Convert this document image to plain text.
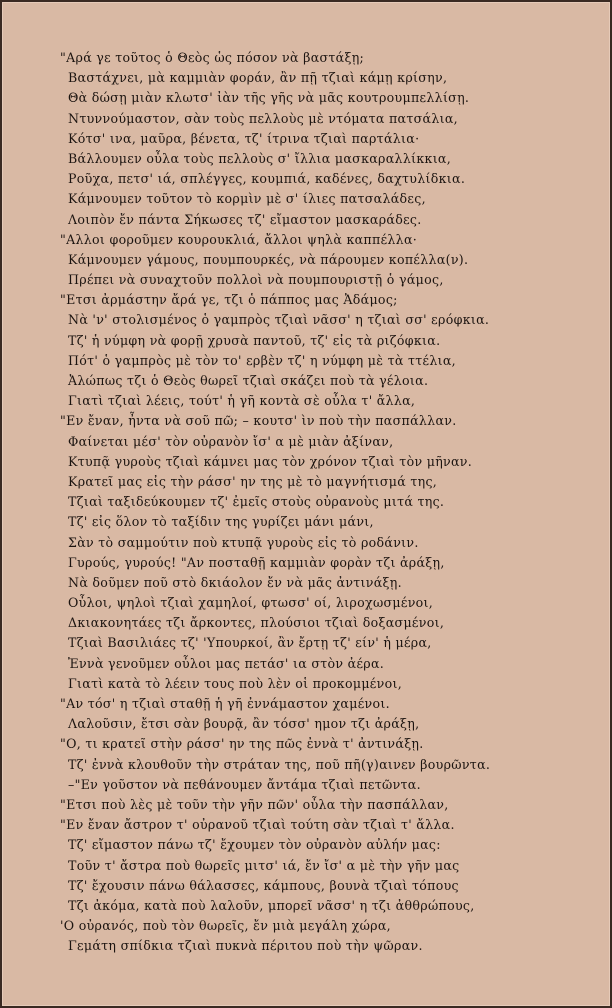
"Αρά γε τοῦτος ὁ Θεὸς ὡς πόσον νὰ βαστάξῃ;
Βαστάχνει, μὰ καμμιὰν φοράν, ἂν πῇ τζιαὶ κάμῃ κρίσην,
Θὰ δώσῃ μιὰν κλωτσ' ἰὰν τῆς γῆς νὰ μᾶς κουτρουμπελλίσῃ.
Ντυννούμαστον, σὰν τοὺς πελλοὺς μὲ ντόματα πατσάλια,
Κότσ' ινα, μαῦρα, βένετα, τζ' ίτρινα τζιαὶ παρτάλια·
Βάλλουμεν οὖλα τοὺς πελλοὺς σ' ἴλλια μασκαραλλίκκια,
Ροῦχα, πετσ' ιά, σπλέγγες, κουμπιά, καδένες, δαχτυλίδκια.
Κάμνουμεν τοῦτον τὸ κορμὶν μὲ σ' ίλιες πατσαλάδες,
Λοιπὸν ἔν πάντα Σήκωσες τζ' εἴμαστον μασκαράδες.
"Αλλοι φοροῦμεν κουρουκλιά, ἄλλοι ψηλὰ καππέλλα·
Κάμνουμεν γάμους, πουμπουρκές, νὰ πάρουμεν κοπέλλα(ν).
Πρέπει νὰ συναχτοῦν πολλοὶ νὰ πουμπουριστῇ ὁ γάμος,
"Ετσι ἀρμάστην ἄρά γε, τζι ὁ πάππος μας Ἀδάμος;
Νὰ 'ν' στολισμένος ὁ γαμπρὸς τζιαὶ νᾶσσ' η τζιαὶ σσ' ερόφκια.
Τζ' ἡ νύμφη νὰ φορῇ χρυσὰ παντοῦ, τζ' εἰς τὰ ριζόφκια.
Πότ' ὁ γαμπρὸς μὲ τὸν το' ερβὲν τζ' η νύμφη μὲ τὰ ττέλια,
Ἀλώπως τζι ὁ Θεὸς θωρεῖ τζιαὶ σκάζει ποὺ τὰ γέλοια.
Γιατὶ τζιαὶ λέεις, τούτ' ἡ γῆ κοντὰ σὲ οὖλα τ' ἄλλα,
"Εν ἔναν, ἦντα νὰ σοῦ πῶ; – κουτσ' ὶν ποὺ τὴν πασπάλλαν.
Φαίνεται μέσ' τὸν οὐρανὸν ἴσ' α μὲ μιὰν ἀξίναν,
Κτυπᾷ γυροὺς τζιαὶ κάμνει μας τὸν χρόνον τζιαὶ τὸν μῆναν.
Κρατεῖ μας εἰς τὴν ράσσ' ην της μὲ τὸ μαγνήτισμά της,
Τζιαὶ ταξιδεύκουμεν τζ' ἐμεῖς στοὺς οὐρανοὺς μιτά της.
Τζ' εἰς ὅλον τὸ ταξίδιν της γυρίζει μάνι μάνι,
Σὰν τὸ σαμμούτιν ποὺ κτυπᾷ γυροὺς εἰς τὸ ροδάνιν.
Γυρούς, γυρούς! "Αν ποσταθῇ καμμιὰν φορὰν τζι ἀράξῃ,
Νὰ δοῦμεν ποῦ στὸ δκιάολον ἔν νὰ μᾶς ἀντινάξῃ.
Οὖλοι, ψηλοὶ τζιαὶ χαμηλοί, φτωσσ' οί, λιροχωσμένοι,
Δκιακονητάες τζι ἄρκοντες, πλούσιοι τζιαὶ δοξασμένοι,
Τζιαὶ Βασιλιάες τζ' 'Υπουρκοί, ἂν ἔρτῃ τζ' είν' ἡ μέρα,
Ἐννὰ γενοῦμεν οὖλοι μας πετάσ' ια στὸν ἀέρα.
Γιατὶ κατὰ τὸ λέειν τους ποὺ λὲν οἱ προκομμένοι,
"Αν τόσ' η τζιαὶ σταθῇ ἡ γῆ ἐννάμαστον χαμένοι.
Λαλοῦσιν, ἔτσι σὰν βουρᾷ, ἂν τόσσ' ημον τζι ἀράξῃ,
"Ο, τι κρατεῖ στὴν ράσσ' ην της πῶς ἐννὰ τ' ἀντινάξῃ.
Τζ' ἐννὰ κλουθοῦν τὴν στράταν της, ποῦ πῆ(γ)αινεν βουρῶντα.
–"Εν γοῦστον νὰ πεθάνουμεν ἄντάμα τζιαὶ πετῶντα.
"Ετσι ποὺ λὲς μὲ τοῦν τὴν γῆν πῶν' οὖλα τὴν πασπάλλαν,
"Εν ἔναν ἄστρον τ' οὐρανοῦ τζιαὶ τούτη σὰν τζιαὶ τ' ἄλλα.
Τζ' εἴμαστον πάνω τζ' ἔχουμεν τὸν οὐρανὸν αὐλήν μας:
Τοῦν τ' ἄστρα ποὺ θωρεῖς μιτσ' ιά, ἔν ἴσ' α μὲ τὴν γῆν μας
Τζ' ἔχουσιν πάνω θάλασσες, κάμπους, βουνὰ τζιαὶ τόπους
Τζι ἀκόμα, κατὰ ποὺ λαλοῦν, μπορεῖ νᾶσσ' η τζι ἀθθρώπους,
'Ο οὐρανός, ποὺ τὸν θωρεῖς, ἔν μιὰ μεγάλη χώρα,
Γεμάτη σπίδκια τζιαὶ πυκνὰ πέριτου ποὺ τὴν ψῶραν.
